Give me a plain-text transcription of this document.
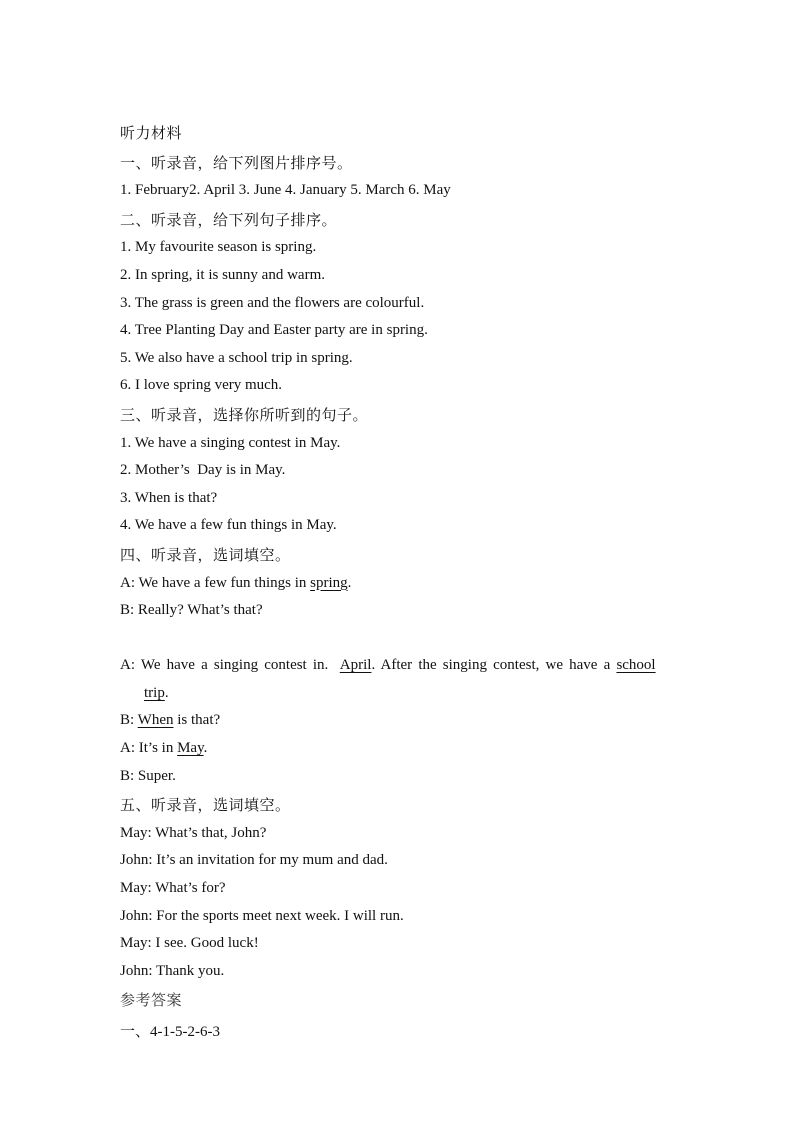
听力材料
一、听录音，给下列图片排序号。
1. February2. April 3. June 4. January 5. March 6. May
二、听录音，给下列句子排序。
1. My favourite season is spring.
2. In spring, it is sunny and warm.
3. The grass is green and the flowers are colourful.
4. Tree Planting Day and Easter party are in spring.
5. We also have a school trip in spring.
6. I love spring very much.
三、听录音，选择你所听到的句子。
1. We have a singing contest in May.
2. Mother’s  Day is in May.
3. When is that?
4. We have a few fun things in May.
四、听录音，选词填空。
A: We have a few fun things in spring.
B: Really? What’s that?

A: We have a singing contest in.  April. After the singing contest, we have a school
trip.
B: When is that?
A: It’s in May.
B: Super.
五、听录音，选词填空。
May: What’s that, John?
John: It’s an invitation for my mum and dad.
May: What’s for?
John: For the sports meet next week. I will run.
May: I see. Good luck!
John: Thank you.
参考答案
一、4-1-5-2-6-3
